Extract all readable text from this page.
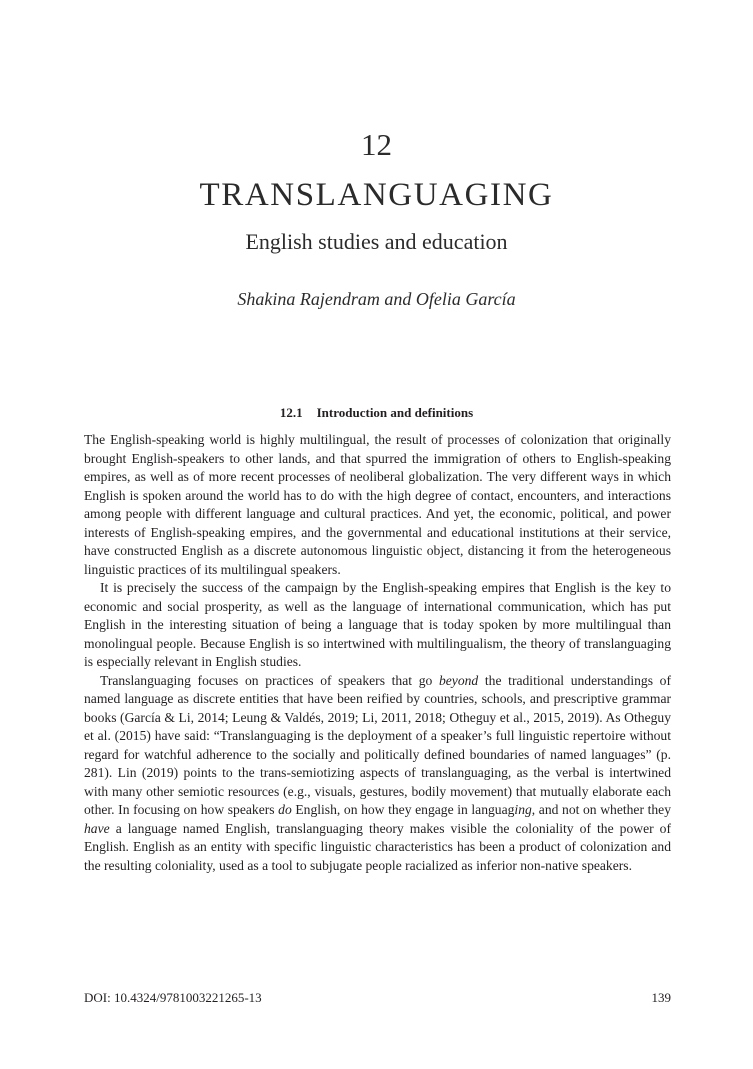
12
TRANSLANGUAGING
English studies and education
Shakina Rajendram and Ofelia García
12.1 Introduction and definitions

The English-speaking world is highly multilingual, the result of processes of colonization that originally brought English-speakers to other lands, and that spurred the immigration of others to English-speaking empires, as well as of more recent processes of neoliberal globalization. The very different ways in which English is spoken around the world has to do with the high degree of contact, encounters, and interactions among people with different language and cultural practices. And yet, the economic, political, and power interests of English-speaking empires, and the governmental and educational institutions at their service, have constructed English as a discrete autonomous linguistic object, distancing it from the heterogeneous linguistic practices of its multilingual speakers.

It is precisely the success of the campaign by the English-speaking empires that English is the key to economic and social prosperity, as well as the language of international communication, which has put English in the interesting situation of being a language that is today spoken by more multilingual than monolingual people. Because English is so intertwined with multilingualism, the theory of translanguaging is especially relevant in English studies.

Translanguaging focuses on practices of speakers that go beyond the traditional understandings of named language as discrete entities that have been reified by countries, schools, and prescriptive grammar books (García & Li, 2014; Leung & Valdés, 2019; Li, 2011, 2018; Otheguy et al., 2015, 2019). As Otheguy et al. (2015) have said: “Translanguaging is the deployment of a speaker’s full linguistic repertoire without regard for watchful adherence to the socially and politically defined boundaries of named languages” (p. 281). Lin (2019) points to the trans-semiotizing aspects of translanguaging, as the verbal is intertwined with many other semiotic resources (e.g., visuals, gestures, bodily movement) that mutually elaborate each other. In focusing on how speakers do English, on how they engage in languaging, and not on whether they have a language named English, translanguaging theory makes visible the coloniality of the power of English. English as an entity with specific linguistic characteristics has been a product of colonization and the resulting coloniality, used as a tool to subjugate people racialized as inferior non-native speakers.

DOI: 10.4324/9781003221265-13	139
